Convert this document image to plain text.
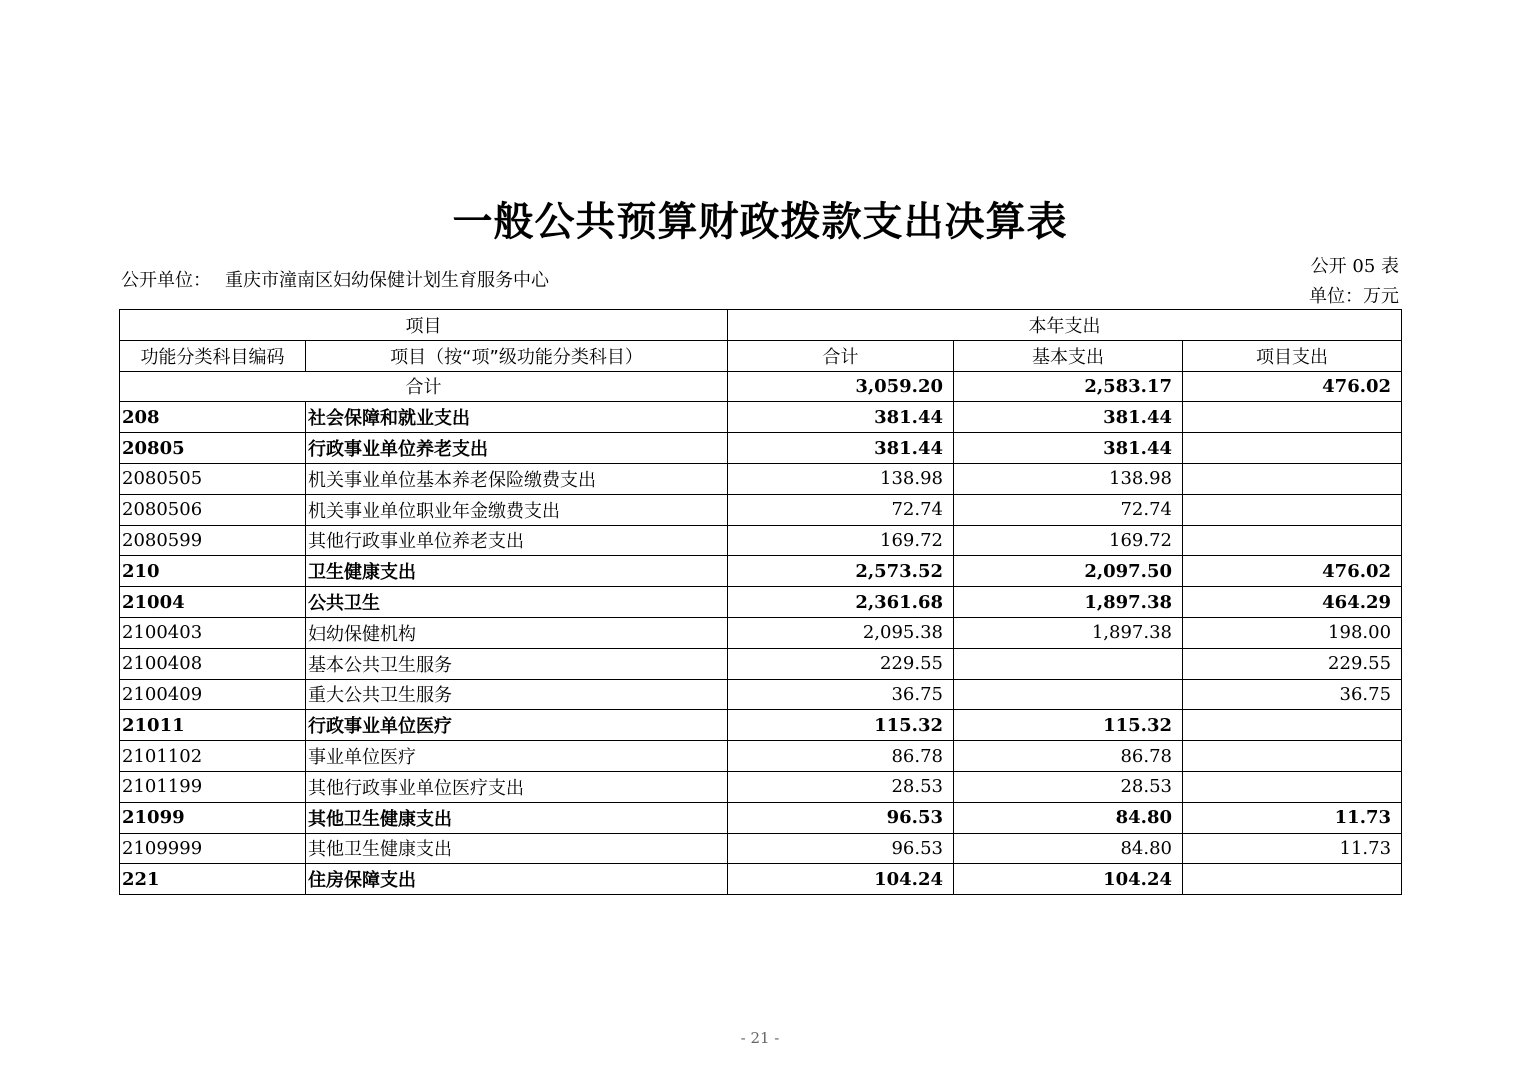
一般公共预算财政拨款支出决算表
公开单位： 重庆市潼南区妇幼保健计划生育服务中心
公开 05 表
单位：万元
项目		本年支出		
功能分类科目编码	项目（按“项”级功能分类科目）	合计	基本支出	项目支出
合计		3,059.20	2,583.17	476.02
208	社会保障和就业支出	381.44	381.44	
20805	行政事业单位养老支出	381.44	381.44	
2080505	机关事业单位基本养老保险缴费支出	138.98	138.98	
2080506	机关事业单位职业年金缴费支出	72.74	72.74	
2080599	其他行政事业单位养老支出	169.72	169.72	
210	卫生健康支出	2,573.52	2,097.50	476.02
21004	公共卫生	2,361.68	1,897.38	464.29
2100403	妇幼保健机构	2,095.38	1,897.38	198.00
2100408	基本公共卫生服务	229.55		229.55
2100409	重大公共卫生服务	36.75		36.75
21011	行政事业单位医疗	115.32	115.32	
2101102	事业单位医疗	86.78	86.78	
2101199	其他行政事业单位医疗支出	28.53	28.53	
21099	其他卫生健康支出	96.53	84.80	11.73
2109999	其他卫生健康支出	96.53	84.80	11.73
221	住房保障支出	104.24	104.24	
- 21 -
